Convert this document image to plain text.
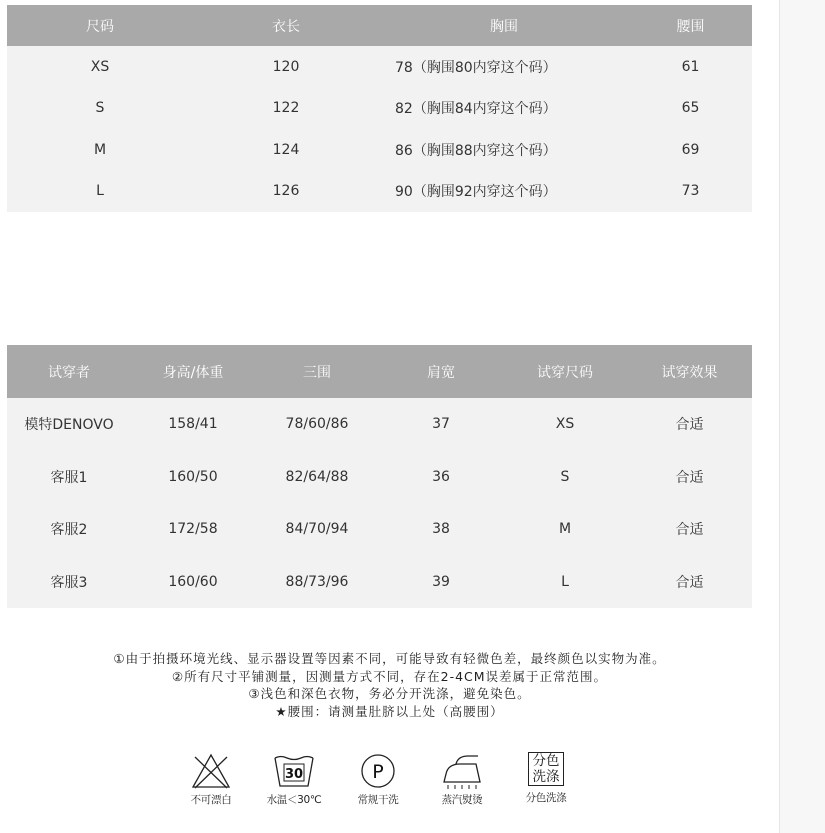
尺码	衣长	胸围	腰围
XS	120	78（胸围80内穿这个码）	61
S	122	82（胸围84内穿这个码）	65
M	124	86（胸围88内穿这个码）	69
L	126	90（胸围92内穿这个码）	73
试穿者	身高/体重	三围	肩宽	试穿尺码	试穿效果
模特DENOVO	158/41	78/60/86	37	XS	合适
客服1	160/50	82/64/88	36	S	合适
客服2	172/58	84/70/94	38	M	合适
客服3	160/60	88/73/96	39	L	合适
①由于拍摄环境光线、显示器设置等因素不同，可能导致有轻微色差，最终颜色以实物为准。
②所有尺寸平铺测量，因测量方式不同，存在2-4CM误差属于正常范围。
③浅色和深色衣物，务必分开洗涤，避免染色。
★腰围：请测量肚脐以上处（高腰围）
不可漂白
30
水温＜30℃
P
常规干洗	蒸汽熨烫
分色
洗涤
分色洗涤
